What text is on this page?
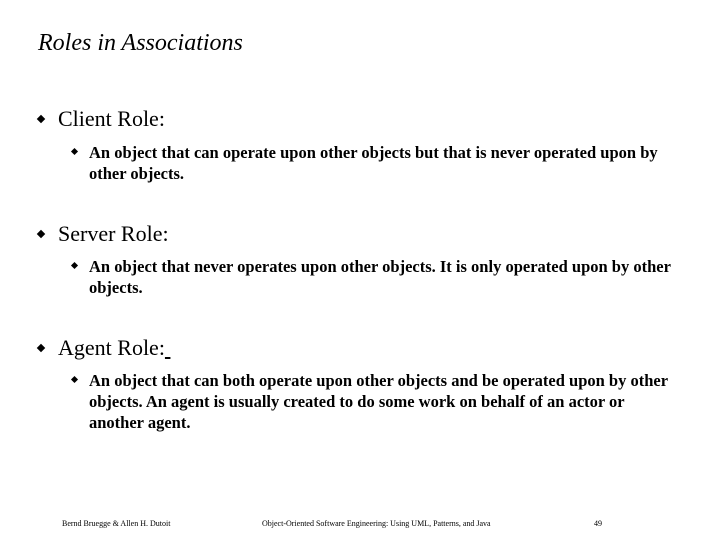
Roles in Associations
Client Role:
An object that can operate upon other objects but that is never operated upon by other objects.
Server Role:
An object that never operates upon other objects. It is only operated upon by other objects.
Agent Role:
An object that can both operate upon other objects and be operated upon by other objects. An agent is usually created to do some work on behalf of an actor or another agent.
Bernd Bruegge & Allen H. Dutoit	Object-Oriented Software Engineering: Using UML, Patterns, and Java	49
